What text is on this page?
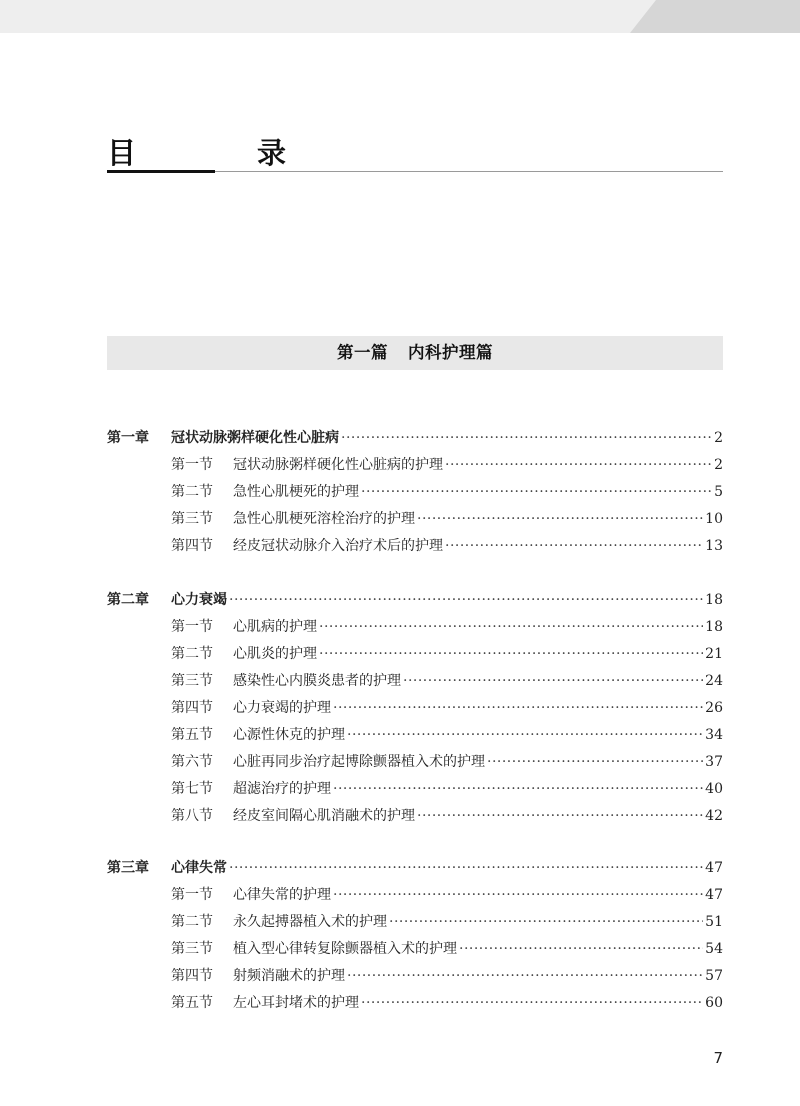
目　录
第一篇 内科护理篇
第一章	冠状动脉粥样硬化性心脏病 ·····	2
第一节	冠状动脉粥样硬化性心脏病的护理 ·····	2
第二节	急性心肌梗死的护理 ·····	5
第三节	急性心肌梗死溶栓治疗的护理 ·····	10
第四节	经皮冠状动脉介入治疗术后的护理 ·····	13
第二章	心力衰竭 ·····	18
第一节	心肌病的护理 ·····	18
第二节	心肌炎的护理 ·····	21
第三节	感染性心内膜炎患者的护理 ·····	24
第四节	心力衰竭的护理 ·····	26
第五节	心源性休克的护理 ·····	34
第六节	心脏再同步治疗起博除颤器植入术的护理 ·····	37
第七节	超滤治疗的护理 ·····	40
第八节	经皮室间隔心肌消融术的护理 ·····	42
第三章	心律失常 ·····	47
第一节	心律失常的护理 ·····	47
第二节	永久起搏器植入术的护理 ·····	51
第三节	植入型心律转复除颤器植入术的护理 ·····	54
第四节	射频消融术的护理 ·····	57
第五节	左心耳封堵术的护理 ·····	60
7
